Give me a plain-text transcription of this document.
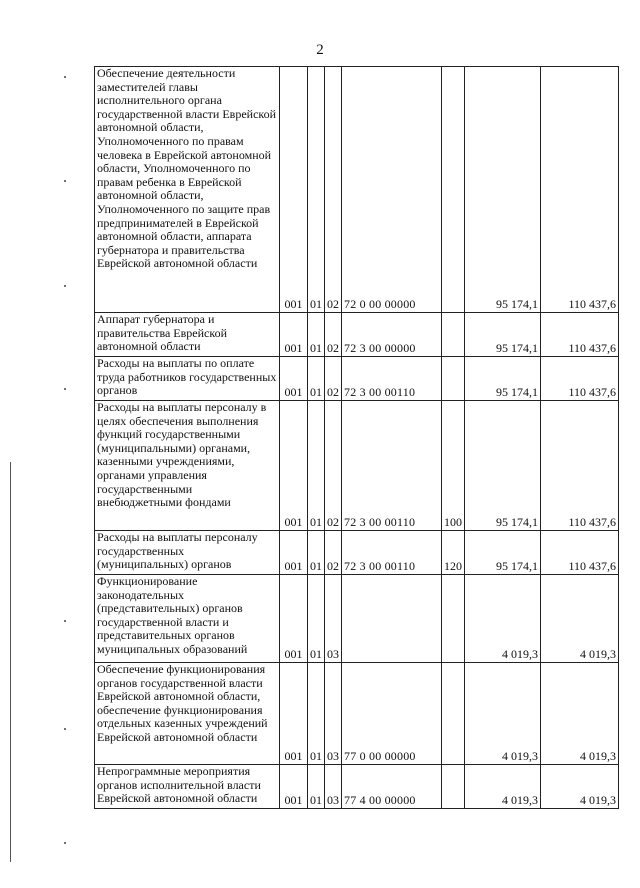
2
Обеспечение деятельности заместителей главы исполнительного органа государственной власти Еврейской автономной области, Уполномоченного по правам человека в Еврейской автономной области, Уполномоченного по правам ребенка в Еврейской автономной области, Уполномоченного по защите прав предпринимателей в Еврейской автономной области, аппарата губернатора и правительства Еврейской автономной области	001	01	02	72 0 00 00000		95 174,1	110 437,6
Аппарат губернатора и правительства Еврейской автономной области	001	01	02	72 3 00 00000		95 174,1	110 437,6
Расходы на выплаты по оплате труда работников государственных органов	001	01	02	72 3 00 00110		95 174,1	110 437,6
Расходы на выплаты персоналу в целях обеспечения выполнения функций государственными (муниципальными) органами, казенными учреждениями, органами управления государственными внебюджетными фондами	001	01	02	72 3 00 00110	100	95 174,1	110 437,6
Расходы на выплаты персоналу государственных (муниципальных) органов	001	01	02	72 3 00 00110	120	95 174,1	110 437,6
Функционирование законодательных (представительных) органов государственной власти и представительных органов муниципальных образований	001	01	03			4 019,3	4 019,3
Обеспечение функционирования органов государственной власти Еврейской автономной области, обеспечение функционирования отдельных казенных учреждений Еврейской автономной области	001	01	03	77 0 00 00000		4 019,3	4 019,3
Непрограммные мероприятия органов исполнительной власти Еврейской автономной области	001	01	03	77 4 00 00000		4 019,3	4 019,3
